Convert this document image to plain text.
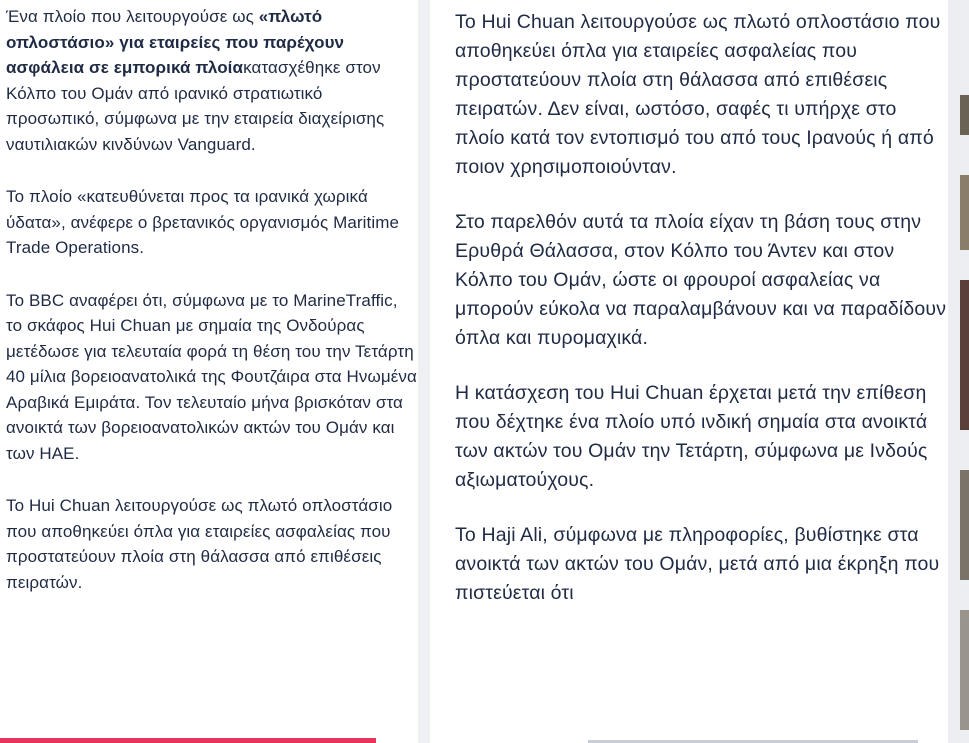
Ένα πλοίο που λειτουργούσε ως «πλωτό οπλοστάσιο» για εταιρείες που παρέχουν ασφάλεια σε εμπορικά πλοίακατασχέθηκε στον Κόλπο του Ομάν από ιρανικό στρατιωτικό προσωπικό, σύμφωνα με την εταιρεία διαχείρισης ναυτιλιακών κινδύνων Vanguard.

Το πλοίο «κατευθύνεται προς τα ιρανικά χωρικά ύδατα», ανέφερε ο βρετανικός οργανισμός Maritime Trade Operations.

Το BBC αναφέρει ότι, σύμφωνα με το MarineTraffic, το σκάφος Hui Chuan με σημαία της Ονδούρας μετέδωσε για τελευταία φορά τη θέση του την Τετάρτη 40 μίλια βορειοανατολικά της Φουτζάιρα στα Ηνωμένα Αραβικά Εμιράτα. Τον τελευταίο μήνα βρισκόταν στα ανοικτά των βορειοανατολικών ακτών του Ομάν και των ΗΑΕ.

Το Hui Chuan λειτουργούσε ως πλωτό οπλοστάσιο που αποθηκεύει όπλα για εταιρείες ασφαλείας που προστατεύουν πλοία στη θάλασσα από επιθέσεις πειρατών.

Το Hui Chuan λειτουργούσε ως πλωτό οπλοστάσιο που αποθηκεύει όπλα για εταιρείες ασφαλείας που προστατεύουν πλοία στη θάλασσα από επιθέσεις πειρατών. Δεν είναι, ωστόσο, σαφές τι υπήρχε στο πλοίο κατά τον εντοπισμό του από τους Ιρανούς ή από ποιον χρησιμοποιούνταν.

Στο παρελθόν αυτά τα πλοία είχαν τη βάση τους στην Ερυθρά Θάλασσα, στον Κόλπο του Άντεν και στον Κόλπο του Ομάν, ώστε οι φρουροί ασφαλείας να μπορούν εύκολα να παραλαμβάνουν και να παραδίδουν όπλα και πυρομαχικά.

Η κατάσχεση του Hui Chuan έρχεται μετά την επίθεση που δέχτηκε ένα πλοίο υπό ινδική σημαία στα ανοικτά των ακτών του Ομάν την Τετάρτη, σύμφωνα με Ινδούς αξιωματούχους.

Το Haji Ali, σύμφωνα με πληροφορίες, βυθίστηκε στα ανοικτά των ακτών του Ομάν, μετά από μια έκρηξη που πιστεύεται ότι
